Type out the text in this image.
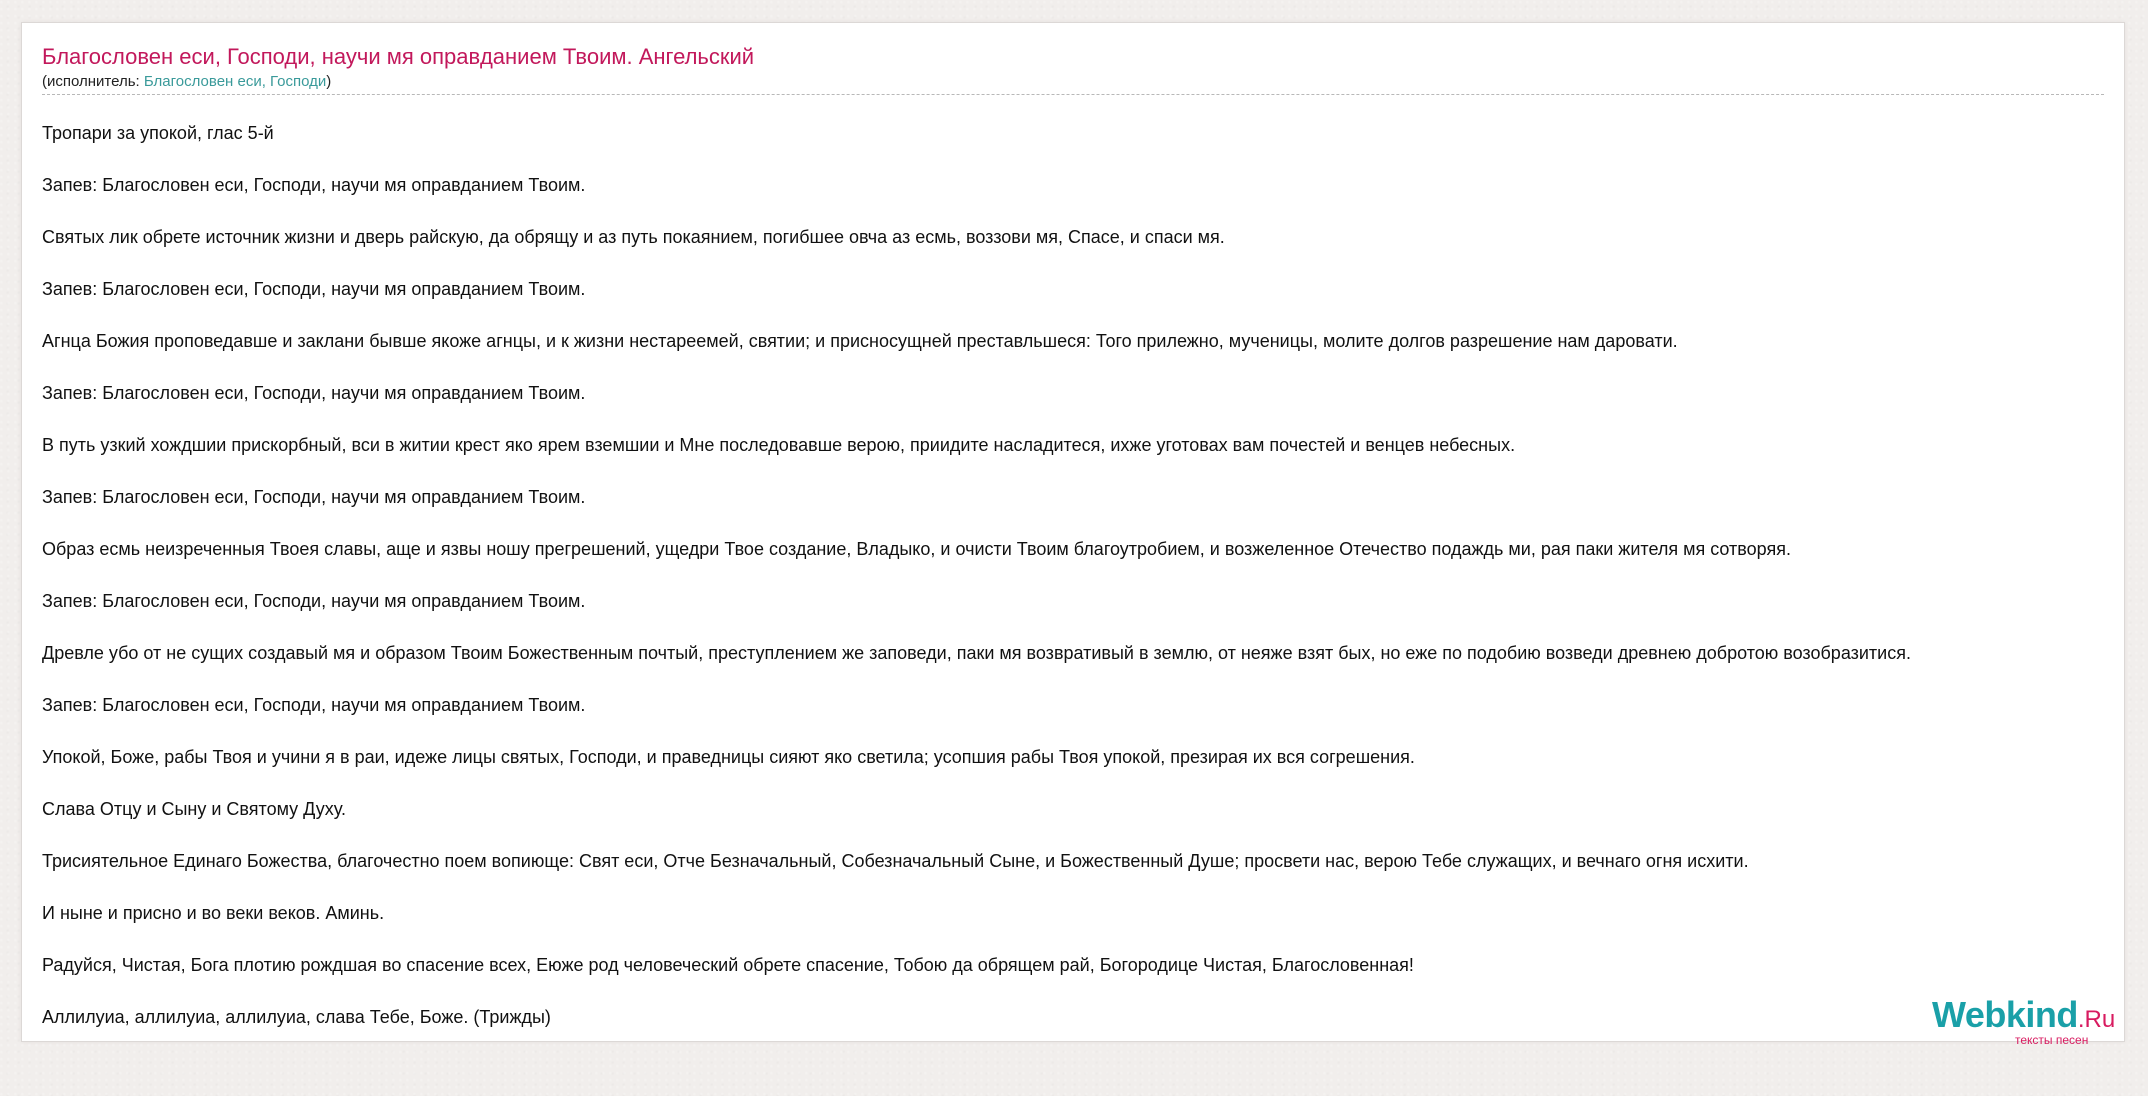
Благословен еси, Господи, научи мя оправданием Твоим. Ангельский
(исполнитель: Благословен еси, Господи)
Тропари за упокой, глас 5-й
Запев: Благословен еси, Господи, научи мя оправданием Твоим.
Святых лик обрете источник жизни и дверь райскую, да обрящу и аз путь покаянием, погибшее овча аз есмь, воззови мя, Спасе, и спаси мя.
Запев: Благословен еси, Господи, научи мя оправданием Твоим.
Агнца Божия проповедавше и заклани бывше якоже агнцы, и к жизни нестареемей, святии; и присносущней преставльшеся: Того прилежно, мученицы, молите долгов разрешение нам даровати.
Запев: Благословен еси, Господи, научи мя оправданием Твоим.
В путь узкий хождшии прискорбный, вси в житии крест яко ярем вземшии и Мне последовавше верою, приидите насладитеся, ихже уготовах вам почестей и венцев небесных.
Запев: Благословен еси, Господи, научи мя оправданием Твоим.
Образ есмь неизреченныя Твоея славы, аще и язвы ношу прегрешений, ущедри Твое создание, Владыко, и очисти Твоим благоутробием, и возжеленное Отечество подаждь ми, рая паки жителя мя сотворяя.
Запев: Благословен еси, Господи, научи мя оправданием Твоим.
Древле убо от не сущих создавый мя и образом Твоим Божественным почтый, преступлением же заповеди, паки мя возвративый в землю, от неяже взят бых, но еже по подобию возведи древнею добротою возобразитися.
Запев: Благословен еси, Господи, научи мя оправданием Твоим.
Упокой, Боже, рабы Твоя и учини я в раи, идеже лицы святых, Господи, и праведницы сияют яко светила; усопшия рабы Твоя упокой, презирая их вся согрешения.
Слава Отцу и Сыну и Святому Духу.
Трисиятельное Единаго Божества, благочестно поем вопиюще: Свят еси, Отче Безначальный, Собезначальный Сыне, и Божественный Душе; просвети нас, верою Тебе служащих, и вечнаго огня исхити.
И ныне и присно и во веки веков. Аминь.
Радуйся, Чистая, Бога плотию рождшая во спасение всех, Еюже род человеческий обрете спасение, Тобою да обрящем рай, Богородице Чистая, Благословенная!
Аллилуиа, аллилуиа, аллилуиа, слава Тебе, Боже. (Трижды)	Webkind.Ru
тексты песен
